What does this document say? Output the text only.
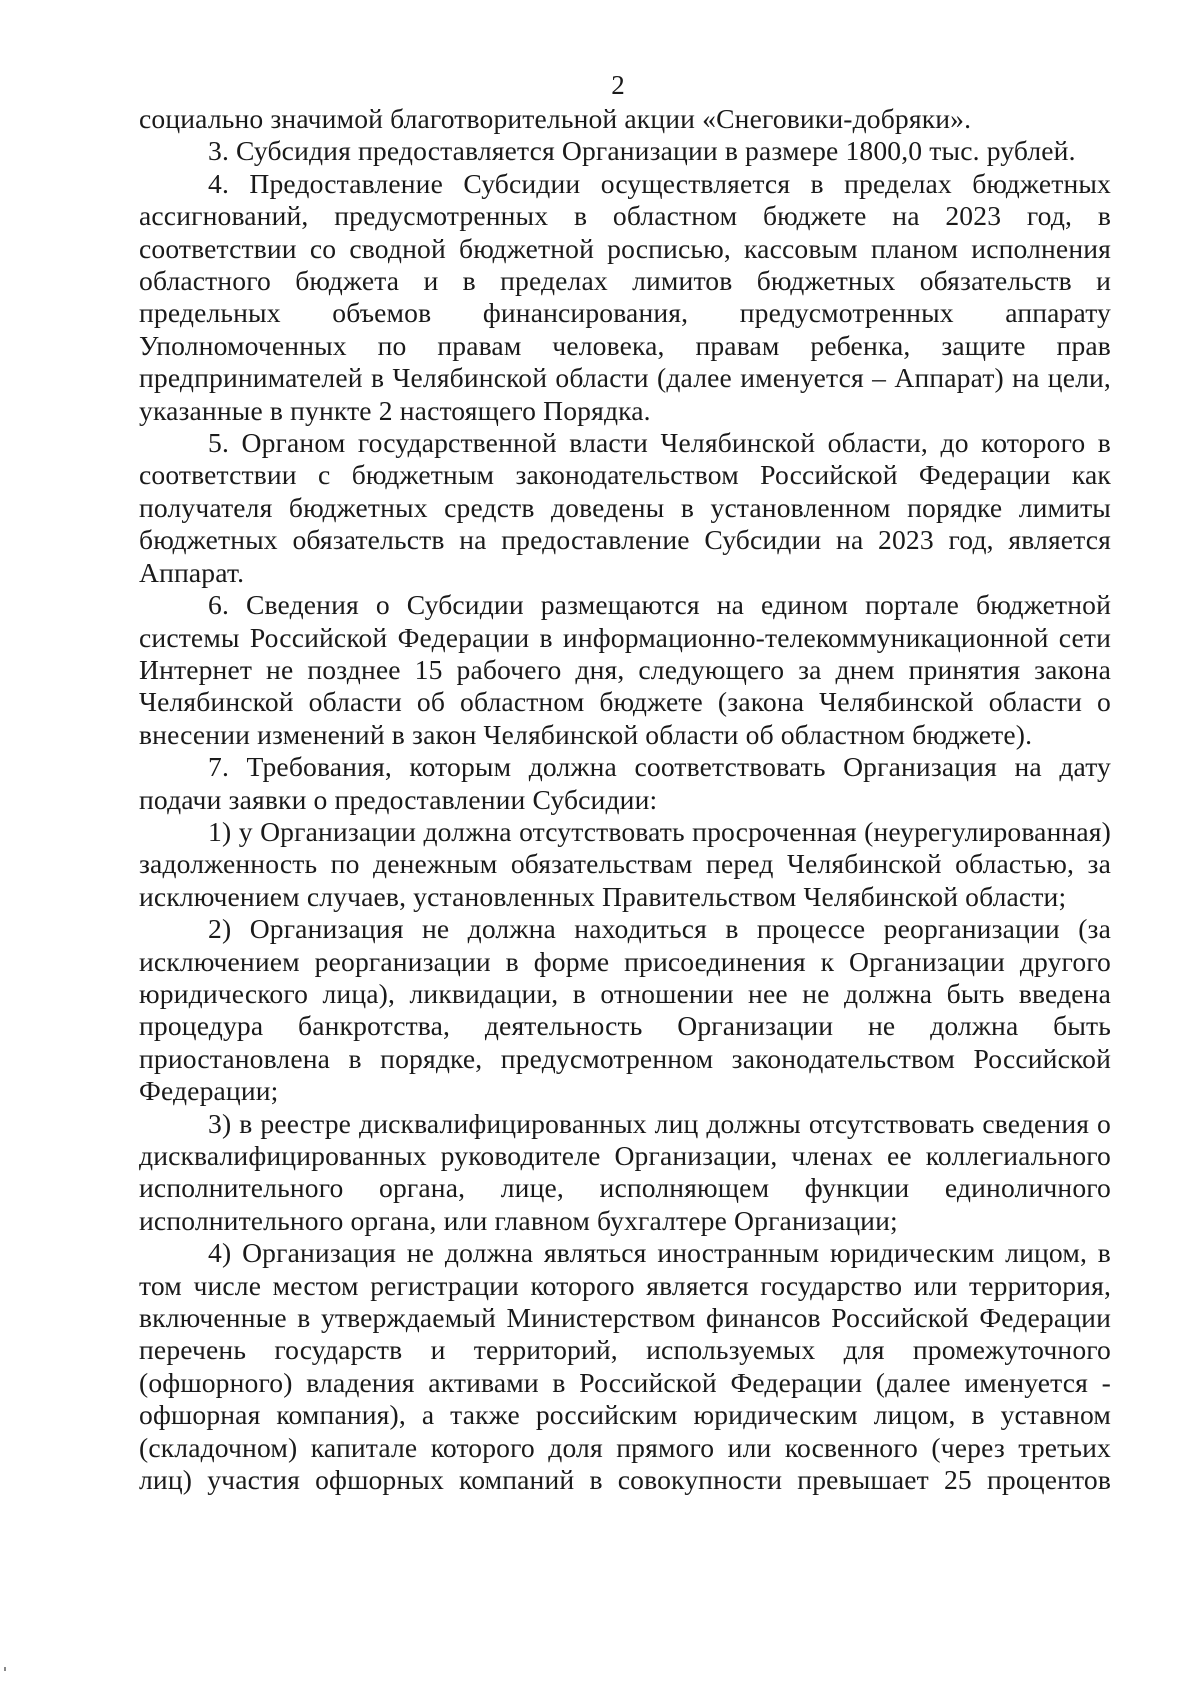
2

социально значимой благотворительной акции «Снеговики-добряки».

3. Субсидия предоставляется Организации в размере 1800,0 тыс. рублей.

4. Предоставление Субсидии осуществляется в пределах бюджетных ассигнований, предусмотренных в областном бюджете на 2023 год, в соответствии со сводной бюджетной росписью, кассовым планом исполнения областного бюджета и в пределах лимитов бюджетных обязательств и предельных объемов финансирования, предусмотренных аппарату Уполномоченных по правам человека, правам ребенка, защите прав предпринимателей в Челябинской области (далее именуется – Аппарат) на цели, указанные в пункте 2 настоящего Порядка.

5. Органом государственной власти Челябинской области, до которого в соответствии с бюджетным законодательством Российской Федерации как получателя бюджетных средств доведены в установленном порядке лимиты бюджетных обязательств на предоставление Субсидии на 2023 год, является Аппарат.

6. Сведения о Субсидии размещаются на едином портале бюджетной системы Российской Федерации в информационно-телекоммуникационной сети Интернет не позднее 15 рабочего дня, следующего за днем принятия закона Челябинской области об областном бюджете (закона Челябинской области о внесении изменений в закон Челябинской области об областном бюджете).

7. Требования, которым должна соответствовать Организация на дату подачи заявки о предоставлении Субсидии:

1) у Организации должна отсутствовать просроченная (неурегулированная) задолженность по денежным обязательствам перед Челябинской областью, за исключением случаев, установленных Правительством Челябинской области;

2) Организация не должна находиться в процессе реорганизации (за исключением реорганизации в форме присоединения к Организации другого юридического лица), ликвидации, в отношении нее не должна быть введена процедура банкротства, деятельность Организации не должна быть приостановлена в порядке, предусмотренном законодательством Российской Федерации;

3) в реестре дисквалифицированных лиц должны отсутствовать сведения о дисквалифицированных руководителе Организации, членах ее коллегиального исполнительного органа, лице, исполняющем функции единоличного исполнительного органа, или главном бухгалтере Организации;

4) Организация не должна являться иностранным юридическим лицом, в том числе местом регистрации которого является государство или территория, включенные в утверждаемый Министерством финансов Российской Федерации перечень государств и территорий, используемых для промежуточного (офшорного) владения активами в Российской Федерации (далее именуется - офшорная компания), а также российским юридическим лицом, в уставном (складочном) капитале которого доля прямого или косвенного (через третьих лиц) участия офшорных компаний в совокупности превышает 25 процентов
